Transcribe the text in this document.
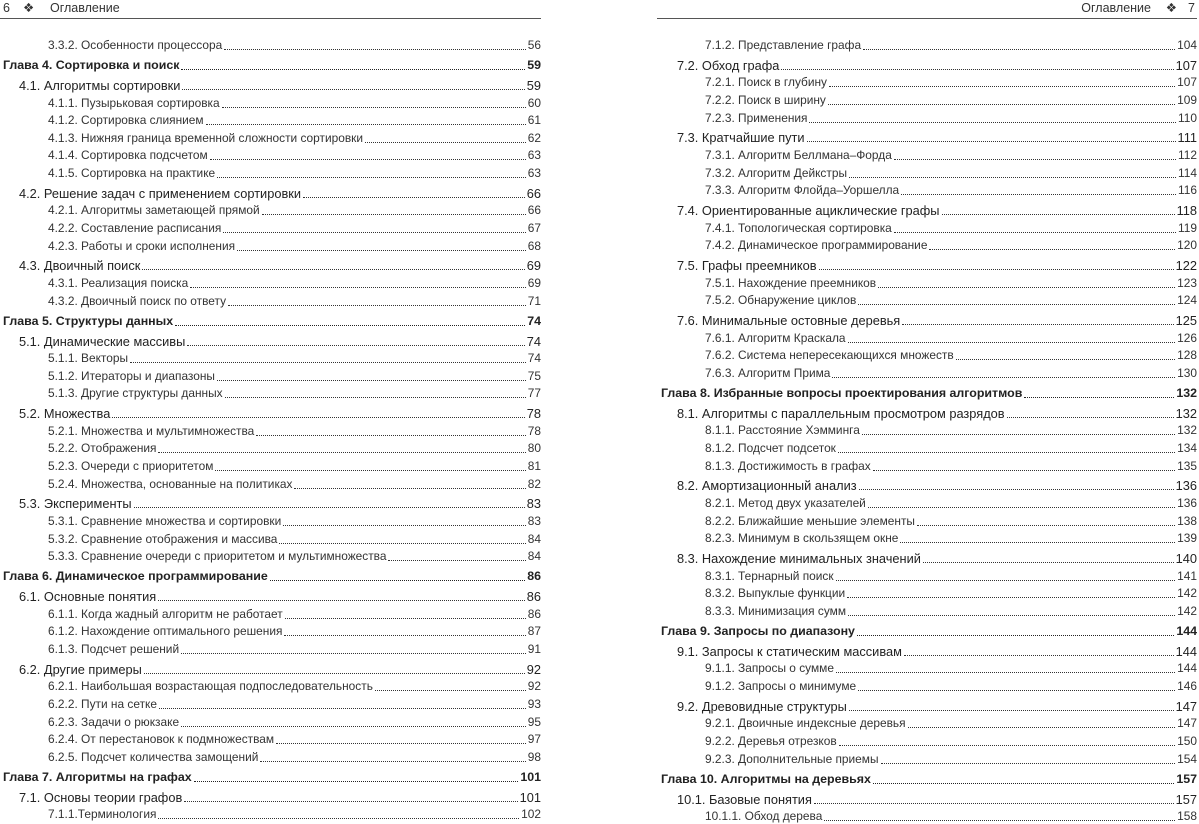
6 ❖ Оглавление
3.3.2. Особенности процессора	56
Глава 4. Сортировка и поиск	59
4.1. Алгоритмы сортировки	59
4.1.1. Пузырьковая сортировка	60
4.1.2. Сортировка слиянием	61
4.1.3. Нижняя граница временной сложности сортировки	62
4.1.4. Сортировка подсчетом	63
4.1.5. Сортировка на практике	63
4.2. Решение задач с применением сортировки	66
4.2.1. Алгоритмы заметающей прямой	66
4.2.2. Составление расписания	67
4.2.3. Работы и сроки исполнения	68
4.3. Двоичный поиск	69
4.3.1. Реализация поиска	69
4.3.2. Двоичный поиск по ответу	71
Глава 5. Структуры данных	74
5.1. Динамические массивы	74
5.1.1. Векторы	74
5.1.2. Итераторы и диапазоны	75
5.1.3. Другие структуры данных	77
5.2. Множества	78
5.2.1. Множества и мультимножества	78
5.2.2. Отображения	80
5.2.3. Очереди с приоритетом	81
5.2.4. Множества, основанные на политиках	82
5.3. Эксперименты	83
5.3.1. Сравнение множества и сортировки	83
5.3.2. Сравнение отображения и массива	84
5.3.3. Сравнение очереди с приоритетом и мультимножества	84
Глава 6. Динамическое программирование	86
6.1. Основные понятия	86
6.1.1. Когда жадный алгоритм не работает	86
6.1.2. Нахождение оптимального решения	87
6.1.3. Подсчет решений	91
6.2. Другие примеры	92
6.2.1. Наибольшая возрастающая подпоследовательность	92
6.2.2. Пути на сетке	93
6.2.3. Задачи о рюкзаке	95
6.2.4. От перестановок к подмножествам	97
6.2.5. Подсчет количества замощений	98
Глава 7. Алгоритмы на графах	101
7.1. Основы теории графов	101
7.1.1.Терминология	102
Оглавление ❖ 7
7.1.2. Представление графа	104
7.2. Обход графа	107
7.2.1. Поиск в глубину	107
7.2.2. Поиск в ширину	109
7.2.3. Применения	110
7.3. Кратчайшие пути	111
7.3.1. Алгоритм Беллмана–Форда	112
7.3.2. Алгоритм Дейкстры	114
7.3.3. Алгоритм Флойда–Уоршелла	116
7.4. Ориентированные ациклические графы	118
7.4.1. Топологическая сортировка	119
7.4.2. Динамическое программирование	120
7.5. Графы преемников	122
7.5.1. Нахождение преемников	123
7.5.2. Обнаружение циклов	124
7.6. Минимальные остовные деревья	125
7.6.1. Алгоритм Краскала	126
7.6.2. Система непересекающихся множеств	128
7.6.3. Алгоритм Прима	130
Глава 8. Избранные вопросы проектирования алгоритмов	132
8.1. Алгоритмы с параллельным просмотром разрядов	132
8.1.1. Расстояние Хэмминга	132
8.1.2. Подсчет подсеток	134
8.1.3. Достижимость в графах	135
8.2. Амортизационный анализ	136
8.2.1. Метод двух указателей	136
8.2.2. Ближайшие меньшие элементы	138
8.2.3. Минимум в скользящем окне	139
8.3. Нахождение минимальных значений	140
8.3.1. Тернарный поиск	141
8.3.2. Выпуклые функции	142
8.3.3. Минимизация сумм	142
Глава 9. Запросы по диапазону	144
9.1. Запросы к статическим массивам	144
9.1.1. Запросы о сумме	144
9.1.2. Запросы о минимуме	146
9.2. Древовидные структуры	147
9.2.1. Двоичные индексные деревья	147
9.2.2. Деревья отрезков	150
9.2.3. Дополнительные приемы	154
Глава 10. Алгоритмы на деревьях	157
10.1. Базовые понятия	157
10.1.1. Обход дерева	158
